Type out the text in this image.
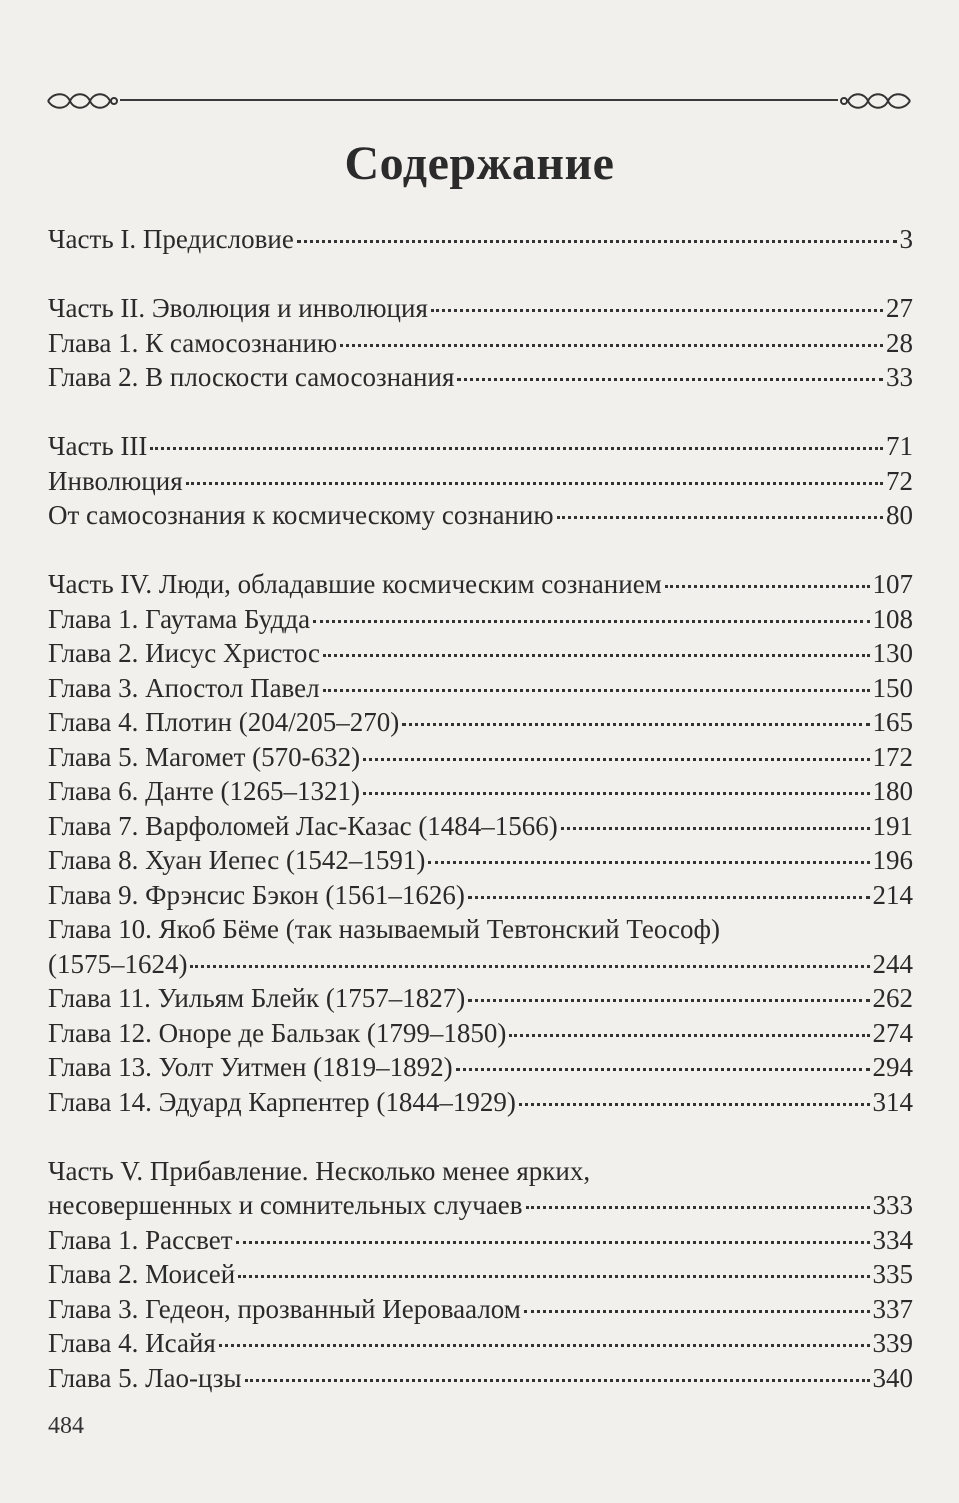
Содержание
Часть I. Предисловие	3
Часть II. Эволюция и инволюция	27
Глава 1. К самосознанию	28
Глава 2. В плоскости самосознания	33
Часть III	71
Инволюция	72
От самосознания к космическому сознанию	80
Часть IV. Люди, обладавшие космическим сознанием	107
Глава 1. Гаутама Будда	108
Глава 2. Иисус Христос	130
Глава 3. Апостол Павел	150
Глава 4. Плотин (204/205–270)	165
Глава 5. Магомет (570-632)	172
Глава 6. Данте (1265–1321)	180
Глава 7. Варфоломей Лас-Казас (1484–1566)	191
Глава 8. Хуан Иепес (1542–1591)	196
Глава 9. Фрэнсис Бэкон (1561–1626)	214
Глава 10. Якоб Бёме (так называемый Тевтонский Теософ)
(1575–1624)	244
Глава 11. Уильям Блейк (1757–1827)	262
Глава 12. Оноре де Бальзак (1799–1850)	274
Глава 13. Уолт Уитмен (1819–1892)	294
Глава 14. Эдуард Карпентер (1844–1929)	314
Часть V. Прибавление. Несколько менее ярких,
несовершенных и сомнительных случаев	333
Глава 1. Рассвет	334
Глава 2. Моисей	335
Глава 3. Гедеон, прозванный Иероваалом	337
Глава 4. Исайя	339
Глава 5. Лао-цзы	340
484
